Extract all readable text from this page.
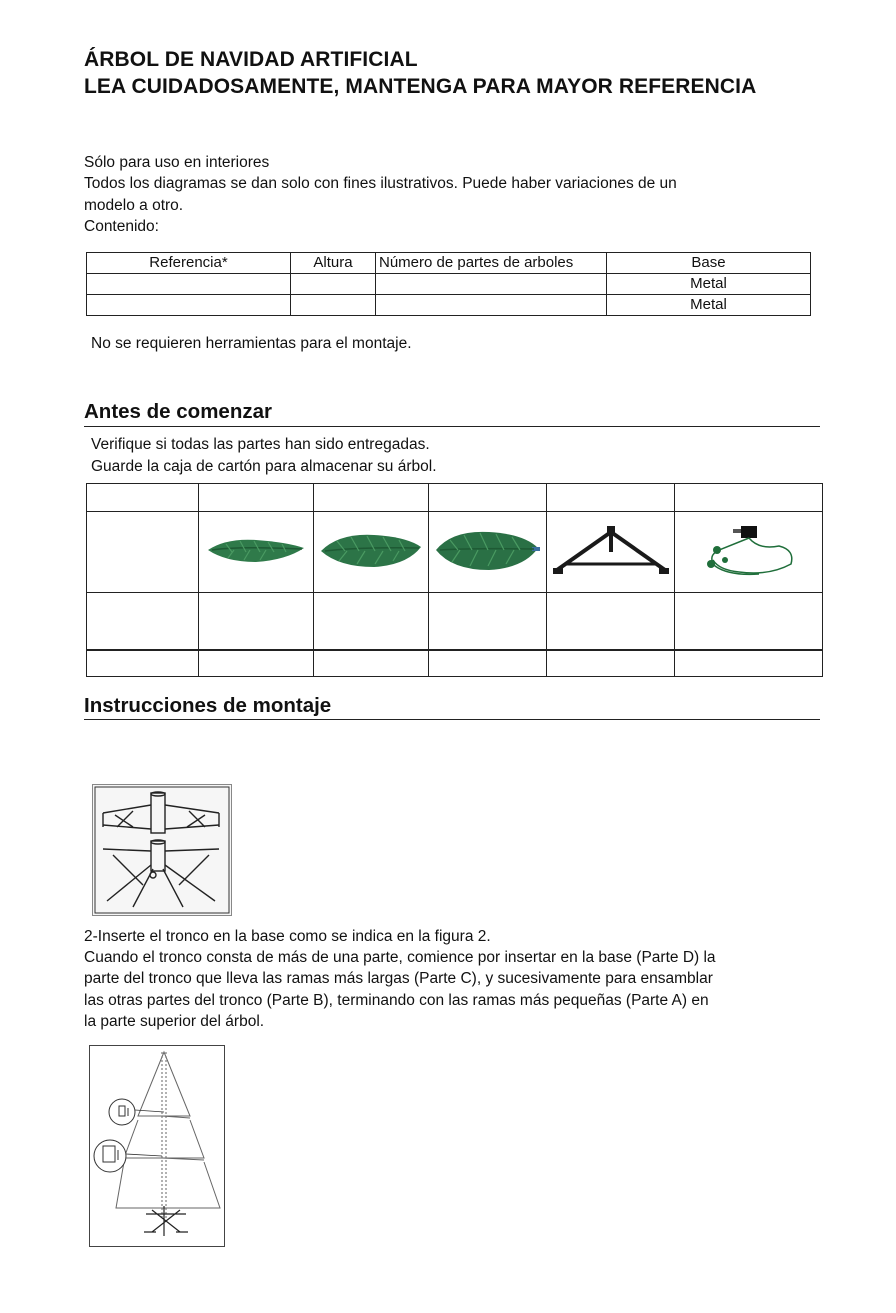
ÁRBOL DE NAVIDAD ARTIFICIAL
LEA CUIDADOSAMENTE, MANTENGA PARA MAYOR REFERENCIA
Sólo para uso en interiores
Todos los diagramas se dan solo con fines ilustrativos. Puede haber variaciones de un
modelo a otro.
Contenido:
Referencia*	Altura	Número de partes de arboles	Base
			Metal
			Metal
No se requieren herramientas para el montaje.
Antes de comenzar
Verifique si todas las partes han sido entregadas.
Guarde la caja de cartón para almacenar su árbol.

Instrucciones de montaje
2-Inserte el tronco en la base como se indica en la figura 2.
Cuando el tronco consta de más de una parte, comience por insertar en la base (Parte D) la
parte del tronco que lleva las ramas más largas (Parte C), y sucesivamente para ensamblar
las otras partes del tronco (Parte B), terminando con las ramas más pequeñas (Parte A) en
la parte superior del árbol.
